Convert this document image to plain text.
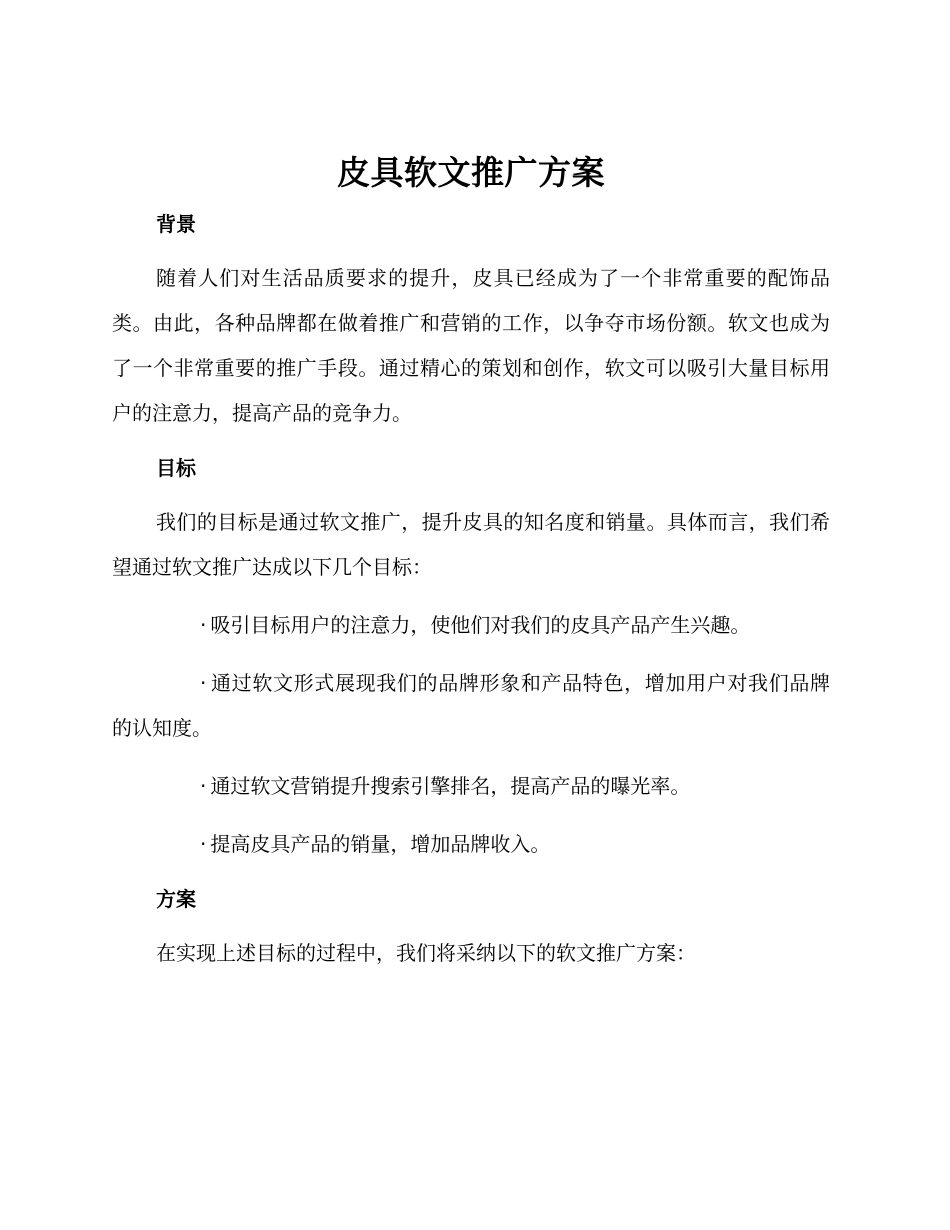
皮具软文推广方案
背景

随着人们对生活品质要求的提升，皮具已经成为了一个非常重要的配饰品类。由此，各种品牌都在做着推广和营销的工作，以争夺市场份额。软文也成为了一个非常重要的推广手段。通过精心的策划和创作，软文可以吸引大量目标用户的注意力，提高产品的竞争力。

目标

我们的目标是通过软文推广，提升皮具的知名度和销量。具体而言，我们希望通过软文推广达成以下几个目标：

· 吸引目标用户的注意力，使他们对我们的皮具产品产生兴趣。

· 通过软文形式展现我们的品牌形象和产品特色，增加用户对我们品牌的认知度。

· 通过软文营销提升搜索引擎排名，提高产品的曝光率。

· 提高皮具产品的销量，增加品牌收入。

方案

在实现上述目标的过程中，我们将采纳以下的软文推广方案：
